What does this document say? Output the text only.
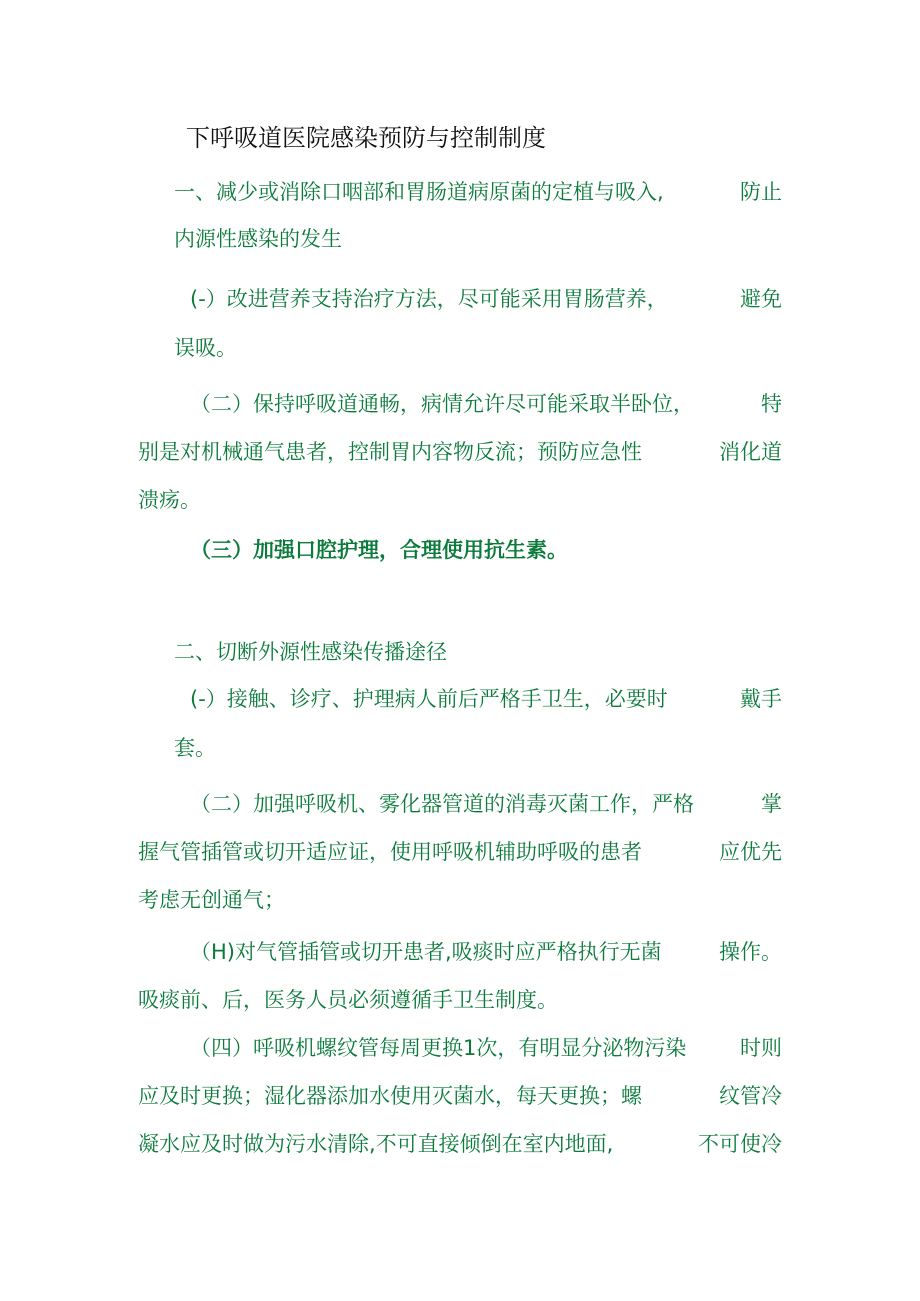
下呼吸道医院感染预防与控制制度
一、减少或消除口咽部和胃肠道病原菌的定植与吸入,	防止
内源性感染的发生
(-）改进营养支持治疗方法，尽可能采用胃肠营养，	避免
误吸。
（二）保持呼吸道通畅，病情允许尽可能采取半卧位，	特
别是对机械通气患者，控制胃内容物反流；预防应急性	消化道
溃疡。
（三）加强口腔护理，合理使用抗生素。
二、切断外源性感染传播途径
(-）接触、诊疗、护理病人前后严格手卫生，必要时	戴手
套。
（二）加强呼吸机、雾化器管道的消毒灭菌工作，严格	掌
握气管插管或切开适应证，使用呼吸机辅助呼吸的患者	应优先
考虑无创通气；
（H)对气管插管或切开患者,吸痰时应严格执行无菌	操作。
吸痰前、后，医务人员必须遵循手卫生制度。
（四）呼吸机螺纹管每周更换1次，有明显分泌物污染	时则
应及时更换；湿化器添加水使用灭菌水，每天更换；螺	纹管冷
凝水应及时做为污水清除,不可直接倾倒在室内地面,	不可使冷
